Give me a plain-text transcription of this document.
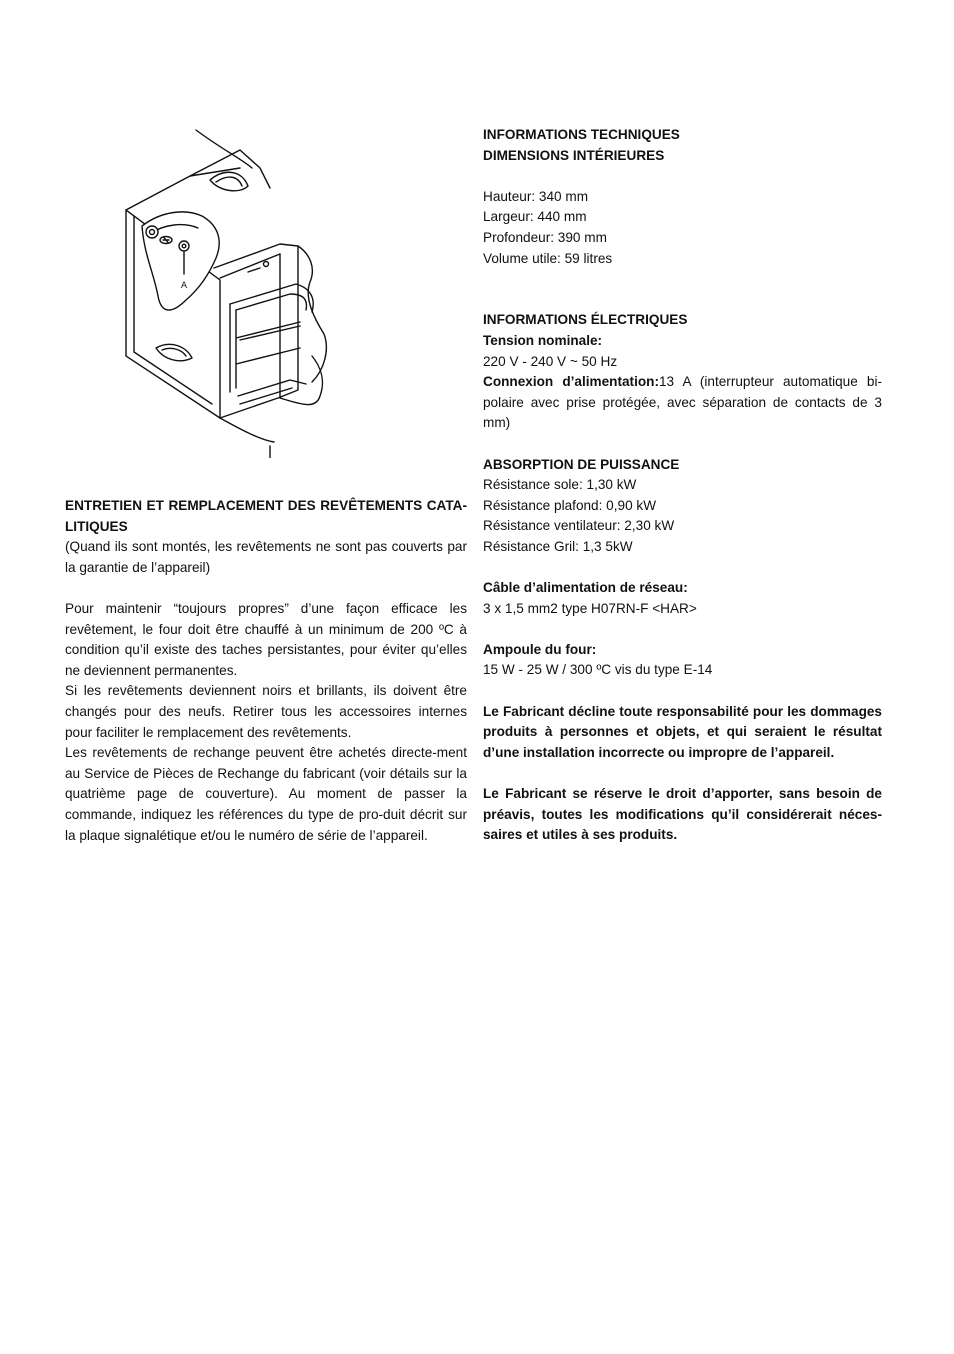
A

ENTRETIEN ET REMPLACEMENT DES REVÊTEMENTS CATA-LITIQUES

(Quand ils sont montés, les revêtements ne sont pas couverts par la garantie de l’appareil)

Pour maintenir “toujours propres” d’une façon efficace les revêtement, le four doit être chauffé à un minimum de 200 ºC à condition qu’il existe des taches persistantes, pour éviter qu’elles ne deviennent permanentes.

Si les revêtements deviennent noirs et brillants, ils doivent être changés pour des neufs. Retirer tous les accessoires internes pour faciliter le remplacement des revêtements.

Les revêtements de rechange peuvent être achetés directe-ment au Service de Pièces de Rechange du fabricant (voir détails sur la quatrième page de couverture). Au moment de passer la commande, indiquez les références du type de pro-duit décrit sur la plaque signalétique et/ou le numéro de série de l’appareil.

INFORMATIONS TECHNIQUES

DIMENSIONS INTÉRIEURES

Hauteur: 340 mm

Largeur: 440 mm

Profondeur: 390 mm

Volume utile: 59 litres

INFORMATIONS ÉLECTRIQUES

Tension nominale:

220 V - 240 V ~ 50 Hz

Connexion d’alimentation:13 A (interrupteur automatique bi-polaire avec prise protégée, avec séparation de contacts de 3 mm)

ABSORPTION DE PUISSANCE

Résistance sole: 1,30 kW

Résistance plafond: 0,90 kW

Résistance ventilateur: 2,30 kW

Résistance Gril: 1,3 5kW

Câble d’alimentation de réseau:

3 x 1,5 mm2 type H07RN-F <HAR>

Ampoule du four:

15 W - 25 W / 300 ºC vis du type E-14

Le Fabricant décline toute responsabilité pour les dommages produits à personnes et objets, et qui seraient le résultat d’une installation incorrecte ou impropre de l’appareil.

Le Fabricant se réserve le droit d’apporter, sans besoin de préavis, toutes les modifications qu’il considérerait néces-saires et utiles à ses produits.
